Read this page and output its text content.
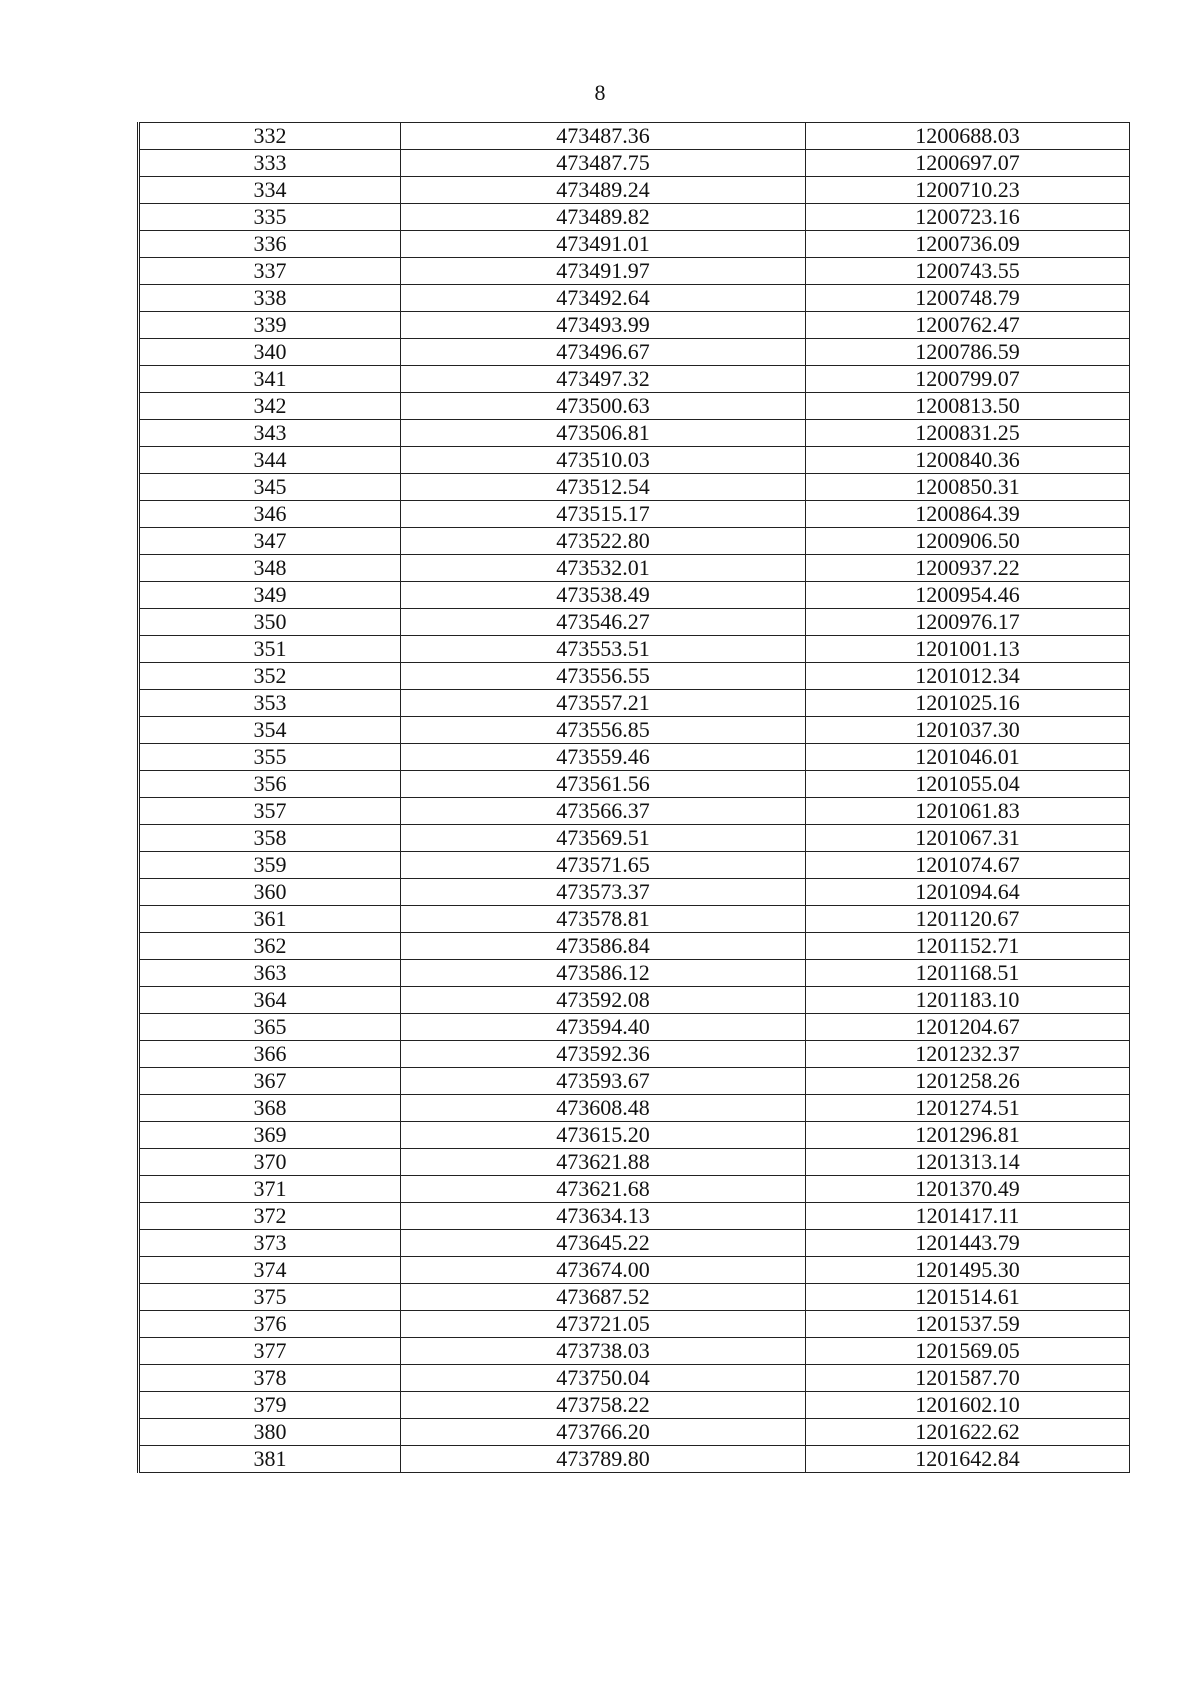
8
332	473487.36	1200688.03
333	473487.75	1200697.07
334	473489.24	1200710.23
335	473489.82	1200723.16
336	473491.01	1200736.09
337	473491.97	1200743.55
338	473492.64	1200748.79
339	473493.99	1200762.47
340	473496.67	1200786.59
341	473497.32	1200799.07
342	473500.63	1200813.50
343	473506.81	1200831.25
344	473510.03	1200840.36
345	473512.54	1200850.31
346	473515.17	1200864.39
347	473522.80	1200906.50
348	473532.01	1200937.22
349	473538.49	1200954.46
350	473546.27	1200976.17
351	473553.51	1201001.13
352	473556.55	1201012.34
353	473557.21	1201025.16
354	473556.85	1201037.30
355	473559.46	1201046.01
356	473561.56	1201055.04
357	473566.37	1201061.83
358	473569.51	1201067.31
359	473571.65	1201074.67
360	473573.37	1201094.64
361	473578.81	1201120.67
362	473586.84	1201152.71
363	473586.12	1201168.51
364	473592.08	1201183.10
365	473594.40	1201204.67
366	473592.36	1201232.37
367	473593.67	1201258.26
368	473608.48	1201274.51
369	473615.20	1201296.81
370	473621.88	1201313.14
371	473621.68	1201370.49
372	473634.13	1201417.11
373	473645.22	1201443.79
374	473674.00	1201495.30
375	473687.52	1201514.61
376	473721.05	1201537.59
377	473738.03	1201569.05
378	473750.04	1201587.70
379	473758.22	1201602.10
380	473766.20	1201622.62
381	473789.80	1201642.84
